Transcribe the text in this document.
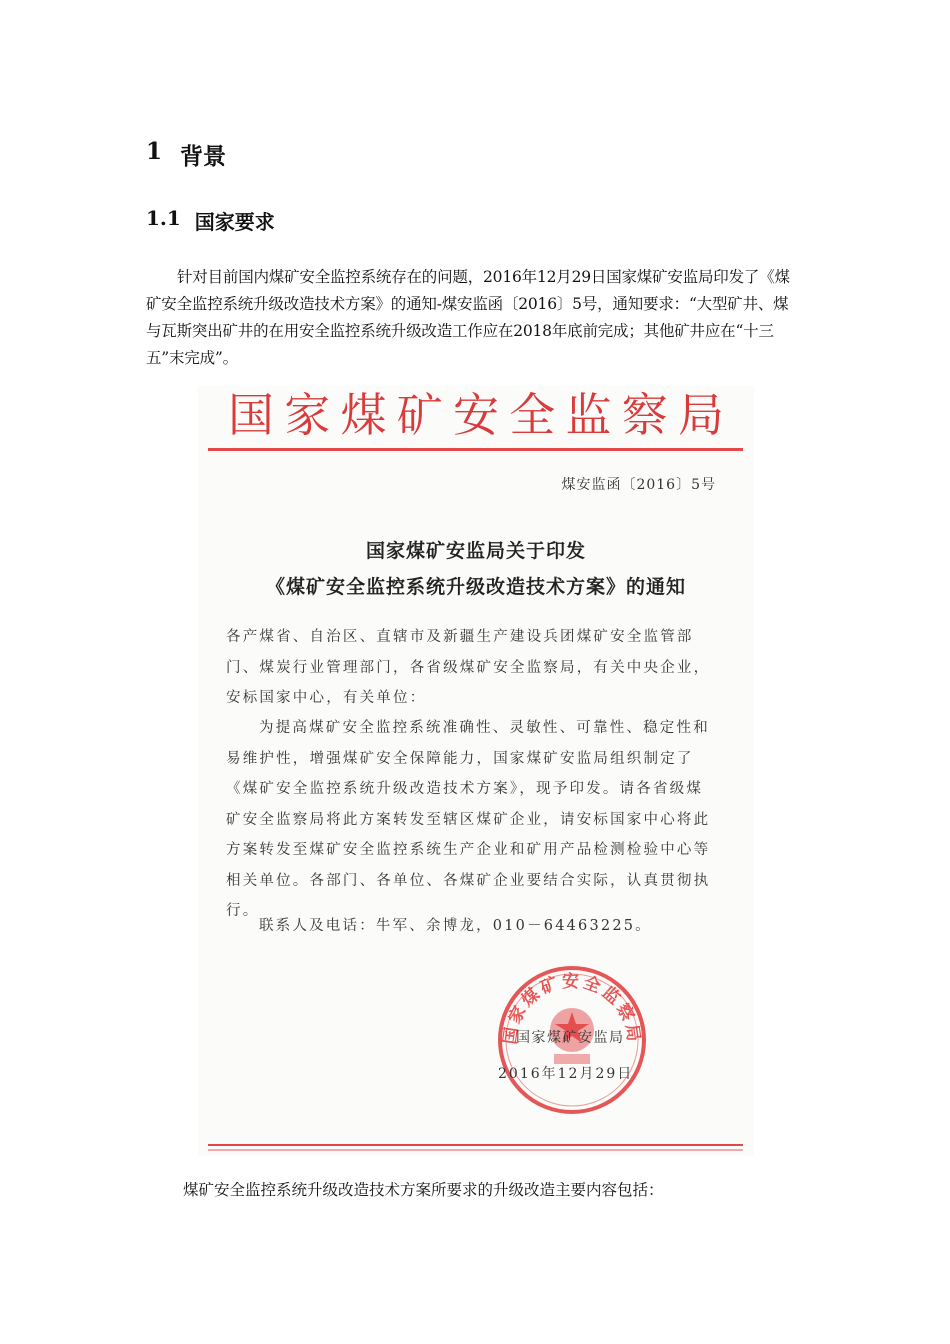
1 背景
1.1 国家要求

针对目前国内煤矿安全监控系统存在的问题，2016年12月29日国家煤矿安监局印发了《煤矿安全监控系统升级改造技术方案》的通知-煤安监函〔2016〕5号，通知要求：“大型矿井、煤与瓦斯突出矿井的在用安全监控系统升级改造工作应在2018年底前完成；其他矿井应在“十三五”末完成”。

国家煤矿安全监察局
煤安监函〔2016〕5号
国家煤矿安监局关于印发
《煤矿安全监控系统升级改造技术方案》的通知
各产煤省、自治区、直辖市及新疆生产建设兵团煤矿安全监管部门、煤炭行业管理部门，各省级煤矿安全监察局，有关中央企业，安标国家中心，有关单位：
为提高煤矿安全监控系统准确性、灵敏性、可靠性、稳定性和易维护性，增强煤矿安全保障能力，国家煤矿安监局组织制定了《煤矿安全监控系统升级改造技术方案》，现予印发。请各省级煤矿安全监察局将此方案转发至辖区煤矿企业，请安标国家中心将此方案转发至煤矿安全监控系统生产企业和矿用产品检测检验中心等相关单位。各部门、各单位、各煤矿企业要结合实际，认真贯彻执行。
联系人及电话：牛军、余博龙，010－64463225。
国家煤矿安全监察局
国家煤矿安监局
2016年12月29日
煤矿安全监控系统升级改造技术方案所要求的升级改造主要内容包括：
